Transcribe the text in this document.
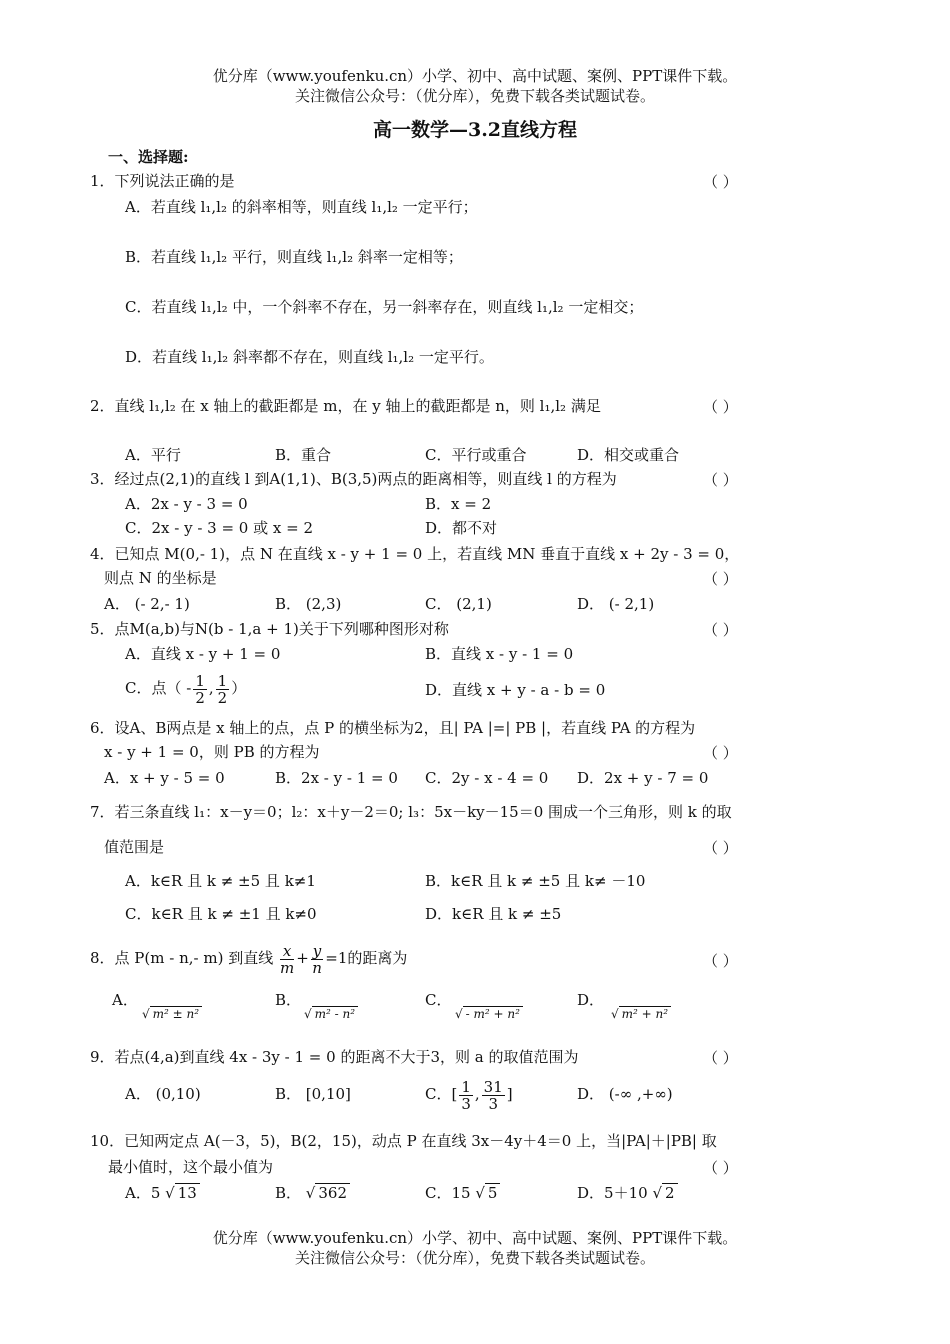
优分库（www.youfenku.cn）小学、初中、高中试题、案例、PPT课件下载。
关注微信公众号：（优分库），免费下载各类试题试卷。
高一数学—3.2直线方程
一、选择题:
1．下列说法正确的是	（ ）
A．若直线 l₁,l₂ 的斜率相等，则直线 l₁,l₂ 一定平行；
B．若直线 l₁,l₂ 平行，则直线 l₁,l₂ 斜率一定相等；
C．若直线 l₁,l₂ 中，一个斜率不存在，另一斜率存在，则直线 l₁,l₂ 一定相交；
D．若直线 l₁,l₂ 斜率都不存在，则直线 l₁,l₂ 一定平行。
2．直线 l₁,l₂ 在 x 轴上的截距都是 m，在 y 轴上的截距都是 n，则 l₁,l₂ 满足	（ ）
A．平行	B．重合	C．平行或重合	D．相交或重合
3．经过点(2,1)的直线 l 到A(1,1)、B(3,5)两点的距离相等，则直线 l 的方程为	（ ）
A．2x - y - 3 = 0	B．x = 2
C．2x - y - 3 = 0 或 x = 2	D．都不对
4．已知点 M(0,- 1)，点 N 在直线 x - y + 1 = 0 上，若直线 MN 垂直于直线 x + 2y - 3 = 0，
则点 N 的坐标是	（ ）
A． (- 2,- 1)	B． (2,3)	C． (2,1)	D． (- 2,1)
5．点M(a,b)与N(b - 1,a + 1)关于下列哪种图形对称	（ ）
A．直线 x - y + 1 = 0	B．直线 x - y - 1 = 0
C．点（ - $\frac{1}{2}$ , $\frac{1}{2}$ ）	D．直线 x + y - a - b = 0
6．设A、B两点是 x 轴上的点，点 P 的横坐标为2，且| PA |=| PB |，若直线 PA 的方程为
x - y + 1 = 0，则 PB 的方程为	（ ）
A．x + y - 5 = 0	B．2x - y - 1 = 0 C．2y - x - 4 = 0 D．2x + y - 7 = 0
7．若三条直线 l₁：x－y＝0；l₂：x＋y－2＝0; l₃：5x－ky－15＝0 围成一个三角形，则 k 的取
值范围是	（ ）
A．k∈R 且 k ≠ ±5 且 k≠1	B．k∈R 且 k ≠ ±5 且 k≠ －10
C．k∈R 且 k ≠ ±1 且 k≠0	D．k∈R 且 k ≠ ±5
8．点 P(m - n,- m) 到直线 $\frac{x}{m} + \frac{y}{n} =1$的距离为	（ ）
A．
√ m² ± n²
B．
√ m² - n²
C．
√ - m² + n²
D．
√ m² + n²
9．若点(4,a)到直线 4x - 3y - 1 = 0 的距离不大于3，则 a 的取值范围为	（ ）
A． (0,10)	B． [0,10]	C．[ $\frac{1}{3}$ , $\frac{31}{3}$ ]	D． (-∞ ,+∞)
10．已知两定点 A(－3，5)，B(2，15)，动点 P 在直线 3x－4y＋4＝0 上，当|PA|＋|PB| 取
最小值时，这个最小值为	（ ）
A．5 √ 13	B． √ 362	C．15 √ 5	D．5＋10 √ 2
优分库（www.youfenku.cn）小学、初中、高中试题、案例、PPT课件下载。
关注微信公众号：（优分库），免费下载各类试题试卷。
